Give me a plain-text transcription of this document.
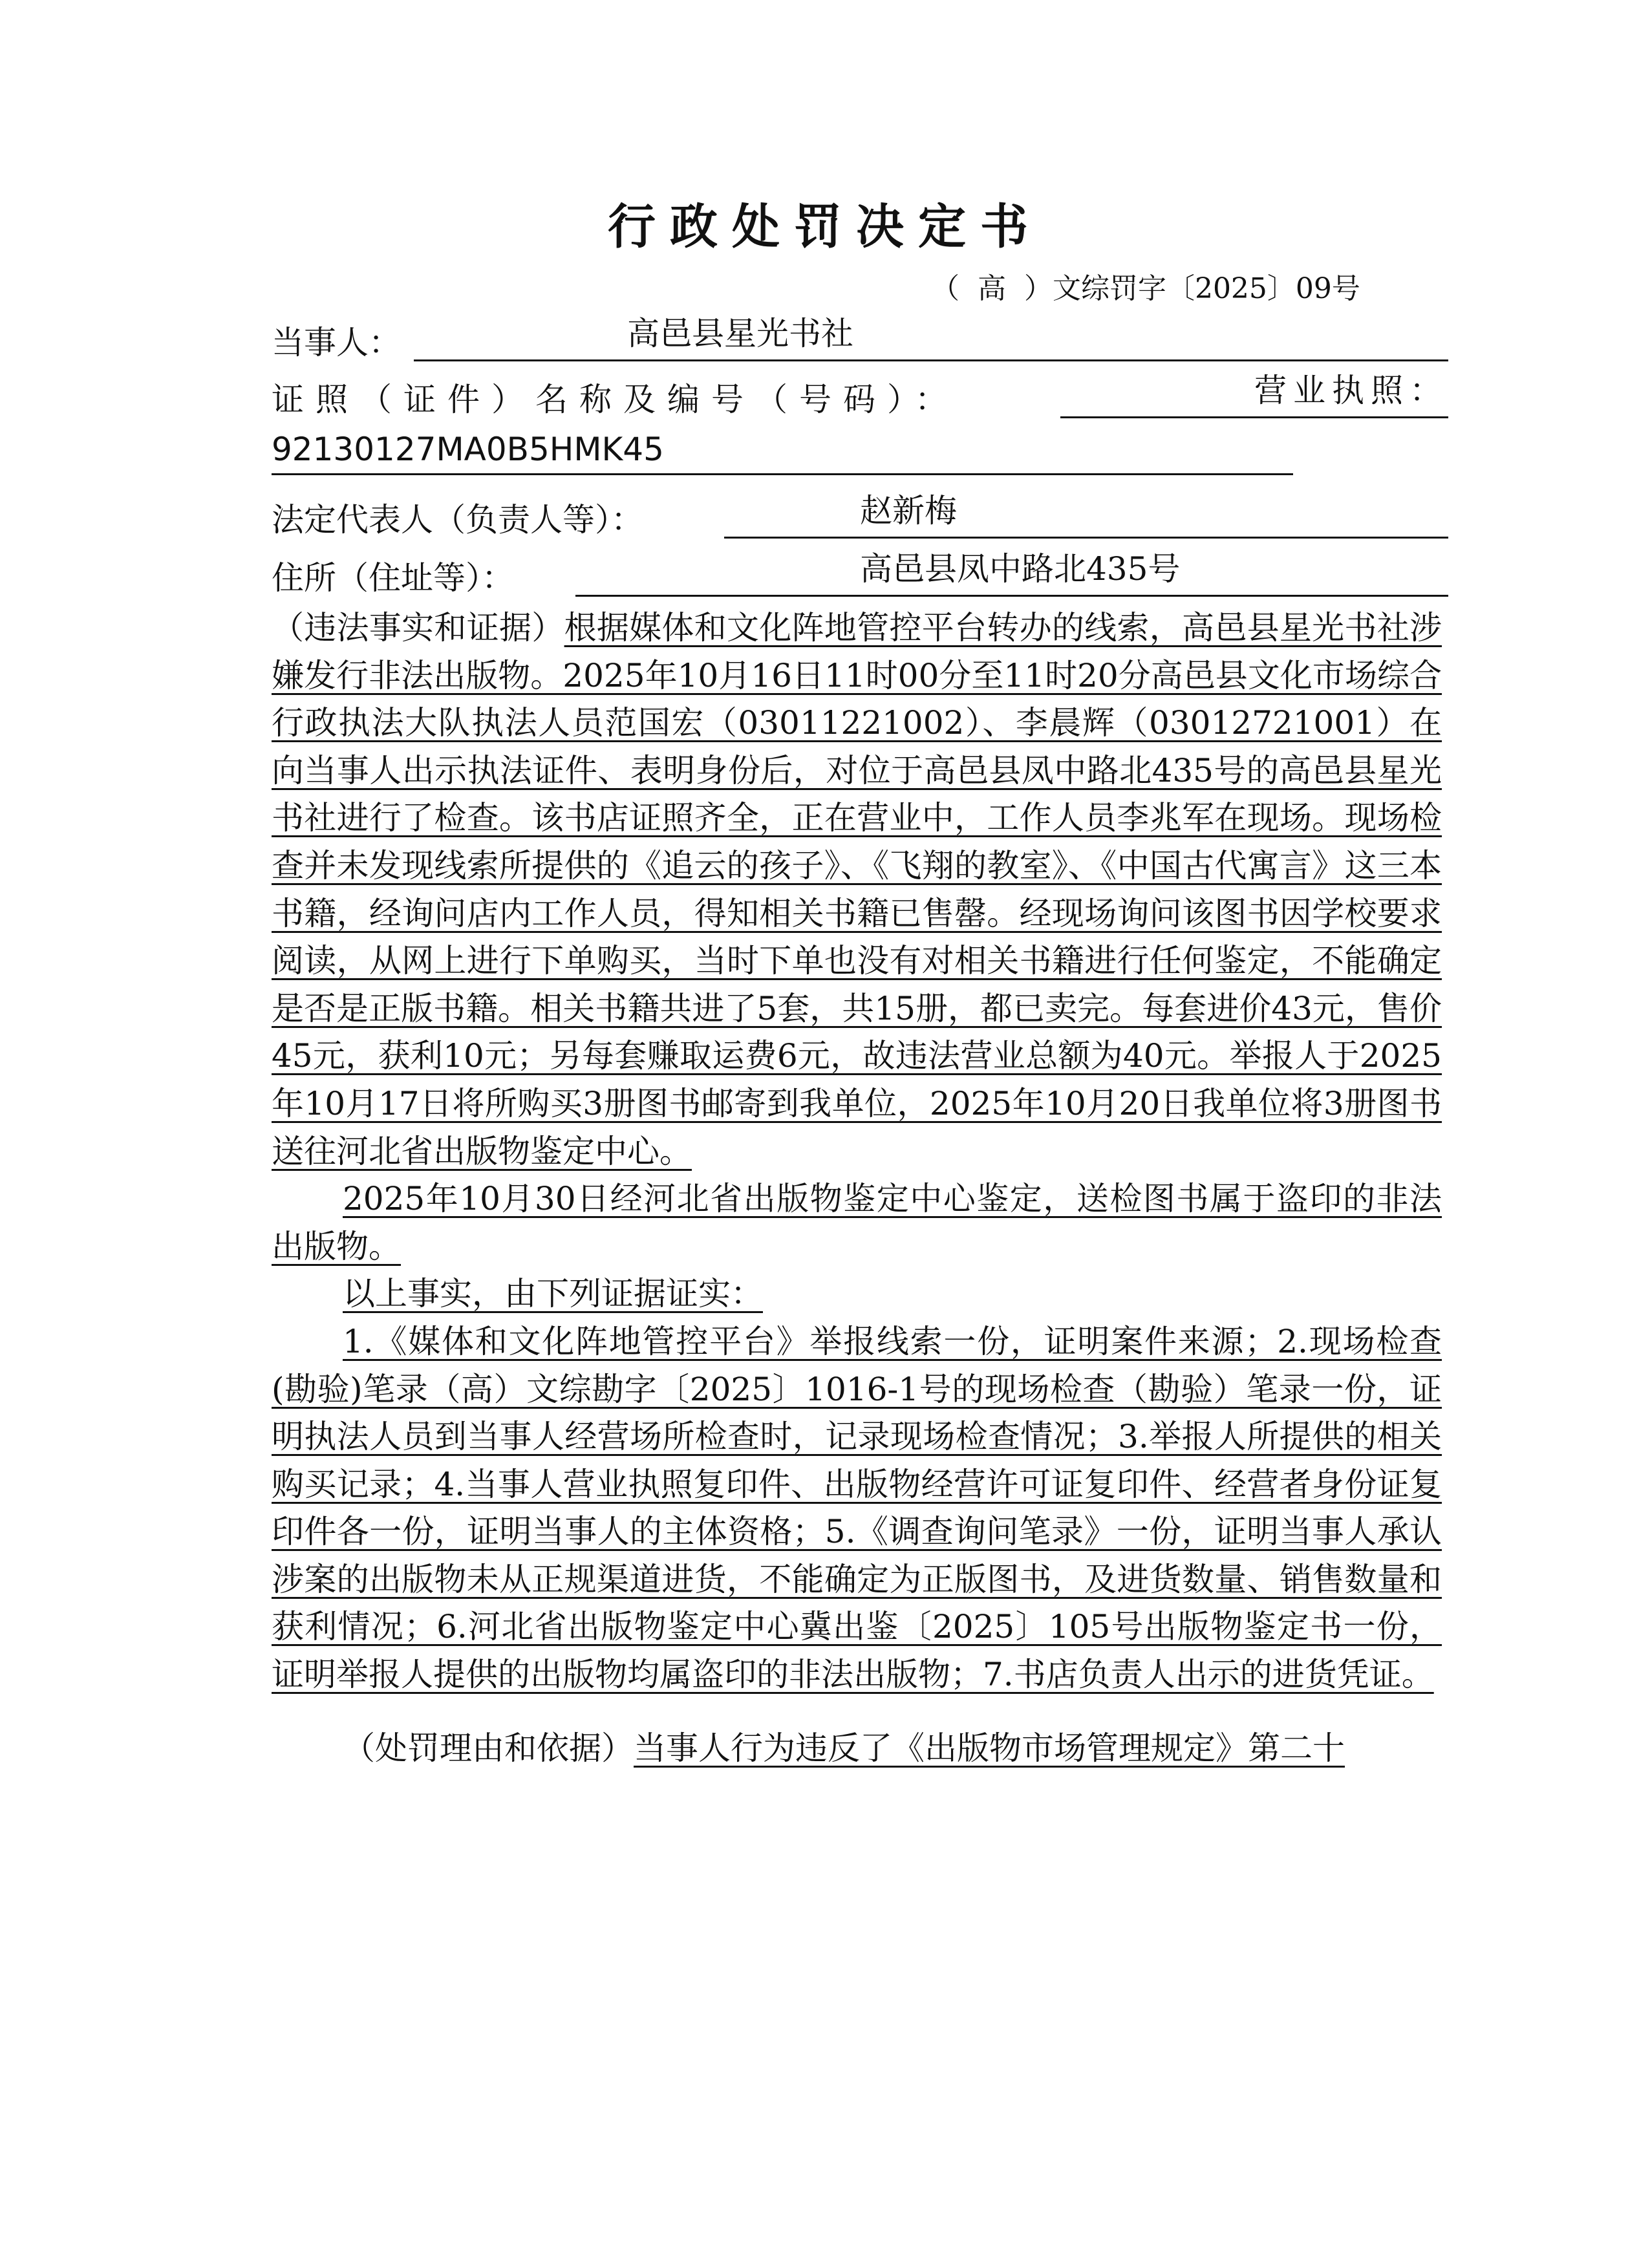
行政处罚决定书
（  高  ）文综罚字〔2025〕09号
当事人：	高邑县星光书社
证照（证件）名称及编号（号码）：	营业执照：
92130127MA0B5HMK45
法定代表人（负责人等）：	赵新梅
住所（住址等）：	高邑县凤中路北435号

（违法事实和证据）根据媒体和文化阵地管控平台转办的线索，高邑县星光书社涉嫌发行非法出版物。2025年10月16日11时00分至11时20分高邑县文化市场综合行政执法大队执法人员范国宏（03011221002）、李晨辉（03012721001）在向当事人出示执法证件、表明身份后，对位于高邑县凤中路北435号的高邑县星光书社进行了检查。该书店证照齐全，正在营业中，工作人员李兆军在现场。现场检查并未发现线索所提供的《追云的孩子》、《飞翔的教室》、《中国古代寓言》这三本书籍，经询问店内工作人员，得知相关书籍已售罄。经现场询问该图书因学校要求阅读，从网上进行下单购买，当时下单也没有对相关书籍进行任何鉴定，不能确定是否是正版书籍。相关书籍共进了5套，共15册，都已卖完。每套进价43元，售价45元，获利10元；另每套赚取运费6元，故违法营业总额为40元。举报人于2025年10月17日将所购买3册图书邮寄到我单位，2025年10月20日我单位将3册图书送往河北省出版物鉴定中心。

2025年10月30日经河北省出版物鉴定中心鉴定，送检图书属于盗印的非法出版物。

以上事实，由下列证据证实：

1.《媒体和文化阵地管控平台》举报线索一份，证明案件来源；2.现场检查(勘验)笔录（高）文综勘字〔2025〕1016-1号的现场检查（勘验）笔录一份，证明执法人员到当事人经营场所检查时，记录现场检查情况；3.举报人所提供的相关购买记录；4.当事人营业执照复印件、出版物经营许可证复印件、经营者身份证复印件各一份，证明当事人的主体资格；5.《调查询问笔录》一份，证明当事人承认涉案的出版物未从正规渠道进货，不能确定为正版图书，及进货数量、销售数量和获利情况；6.河北省出版物鉴定中心冀出鉴〔2025〕105号出版物鉴定书一份，证明举报人提供的出版物均属盗印的非法出版物；7.书店负责人出示的进货凭证。

（处罚理由和依据）当事人行为违反了《出版物市场管理规定》第二十
